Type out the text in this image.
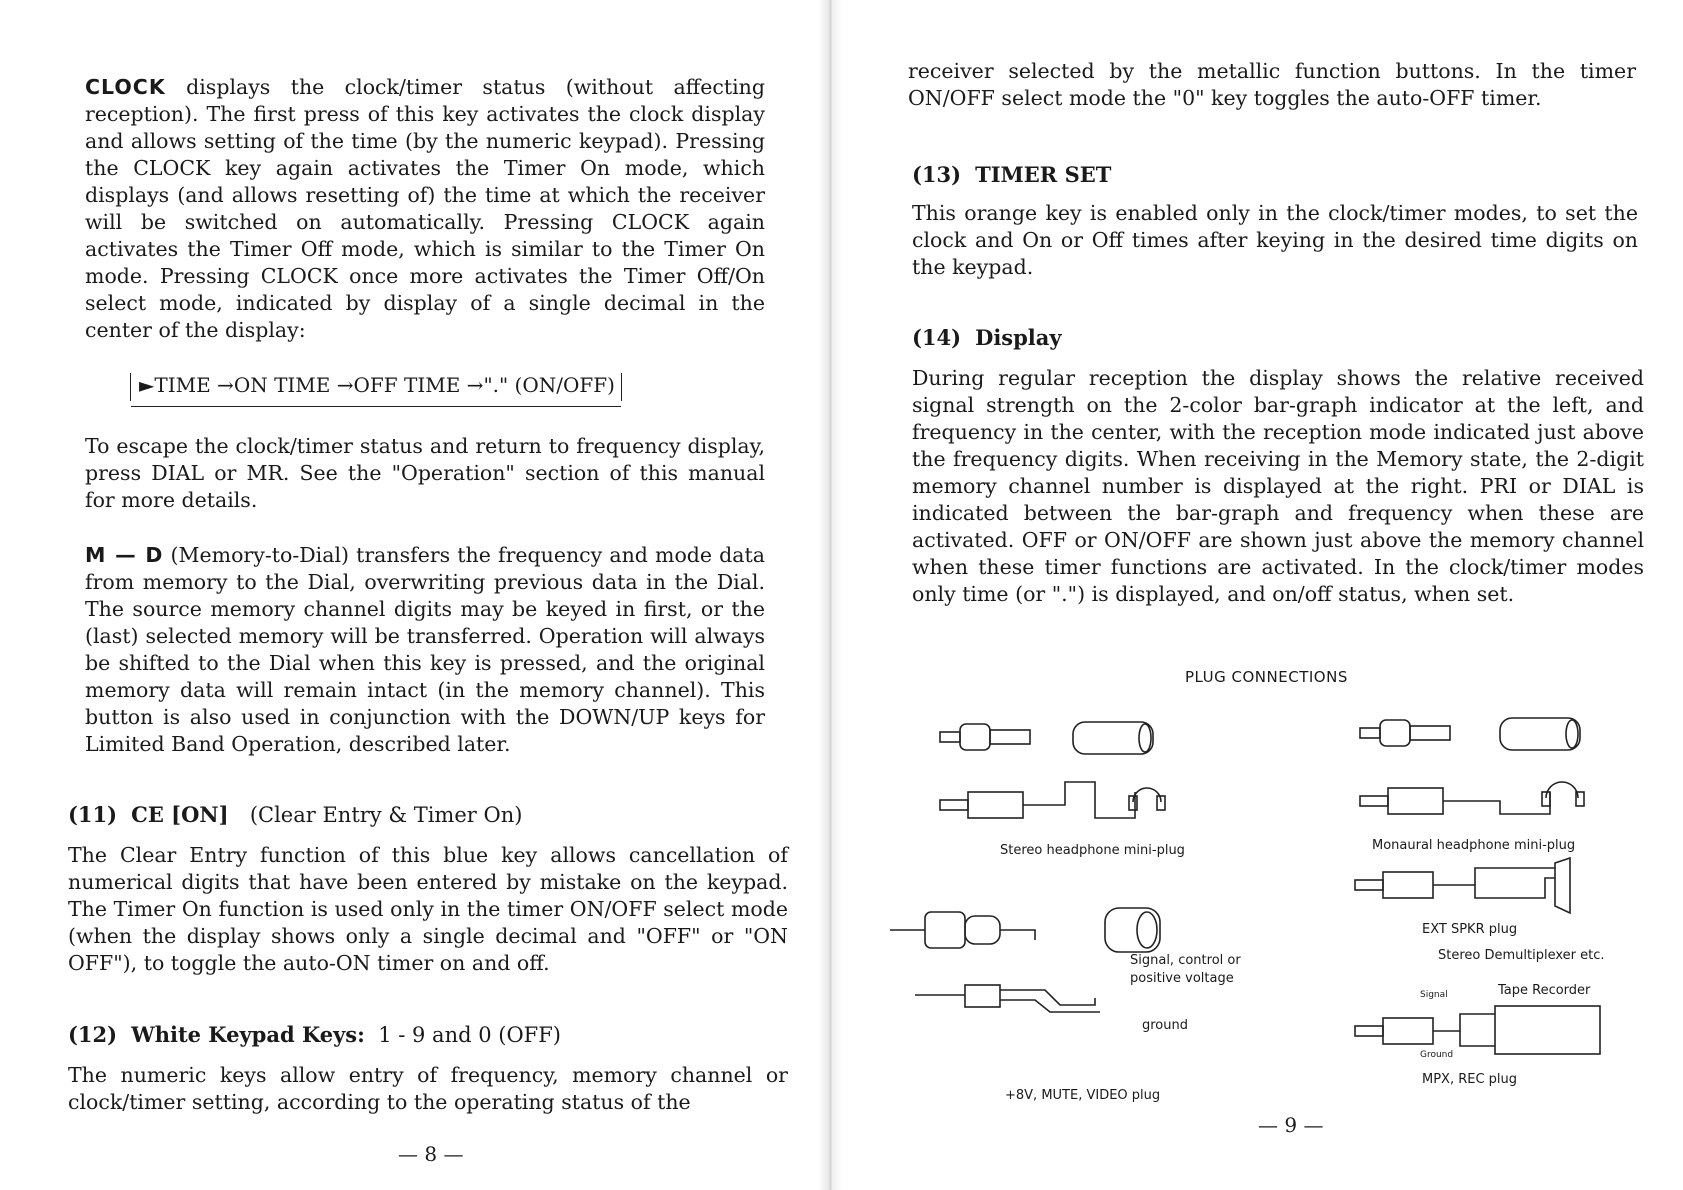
CLOCK displays the clock/timer status (without affecting reception). The first press of this key activates the clock display and allows setting of the time (by the numeric keypad). Pressing the CLOCK key again activates the Timer On mode, which displays (and allows resetting of) the time at which the receiver will be switched on automatically. Pressing CLOCK again activates the Timer Off mode, which is similar to the Timer On mode. Pressing CLOCK once more activates the Timer Off/On select mode, indicated by display of a single decimal in the center of the display:

►TIME →ON TIME →OFF TIME →"." (ON/OFF)

To escape the clock/timer status and return to frequency display, press DIAL or MR. See the "Operation" section of this manual for more details.

M — D (Memory-to-Dial) transfers the frequency and mode data from memory to the Dial, overwriting previous data in the Dial. The source memory channel digits may be keyed in first, or the (last) selected memory will be transferred. Operation will always be shifted to the Dial when this key is pressed, and the original memory data will remain intact (in the memory channel). This button is also used in conjunction with the DOWN/UP keys for Limited Band Operation, described later.

(11) CE [ON] (Clear Entry & Timer On)

The Clear Entry function of this blue key allows cancellation of numerical digits that have been entered by mistake on the keypad. The Timer On function is used only in the timer ON/OFF select mode (when the display shows only a single decimal and "OFF" or "ON OFF"), to toggle the auto-ON timer on and off.

(12) White Keypad Keys: 1 - 9 and 0 (OFF)

The numeric keys allow entry of frequency, memory channel or clock/timer setting, according to the operating status of the

— 8 —

receiver selected by the metallic function buttons. In the timer ON/OFF select mode the "0" key toggles the auto-OFF timer.

(13) TIMER SET

This orange key is enabled only in the clock/timer modes, to set the clock and On or Off times after keying in the desired time digits on the keypad.

(14) Display

During regular reception the display shows the relative received signal strength on the 2-color bar-graph indicator at the left, and frequency in the center, with the reception mode indicated just above the frequency digits. When receiving in the Memory state, the 2-digit memory channel number is displayed at the right. PRI or DIAL is indicated between the bar-graph and frequency when these are activated. OFF or ON/OFF are shown just above the memory channel when these timer functions are activated. In the clock/timer modes only time (or ".") is displayed, and on/off status, when set.

PLUG CONNECTIONS
Stereo headphone mini-plug	Monaural headphone mini-plug
EXT SPKR plug
Stereo Demultiplexer etc.
Signal, control or
positive voltage
ground
+8V, MUTE, VIDEO plug
Signal	Tape Recorder
Ground
MPX, REC plug
— 9 —
